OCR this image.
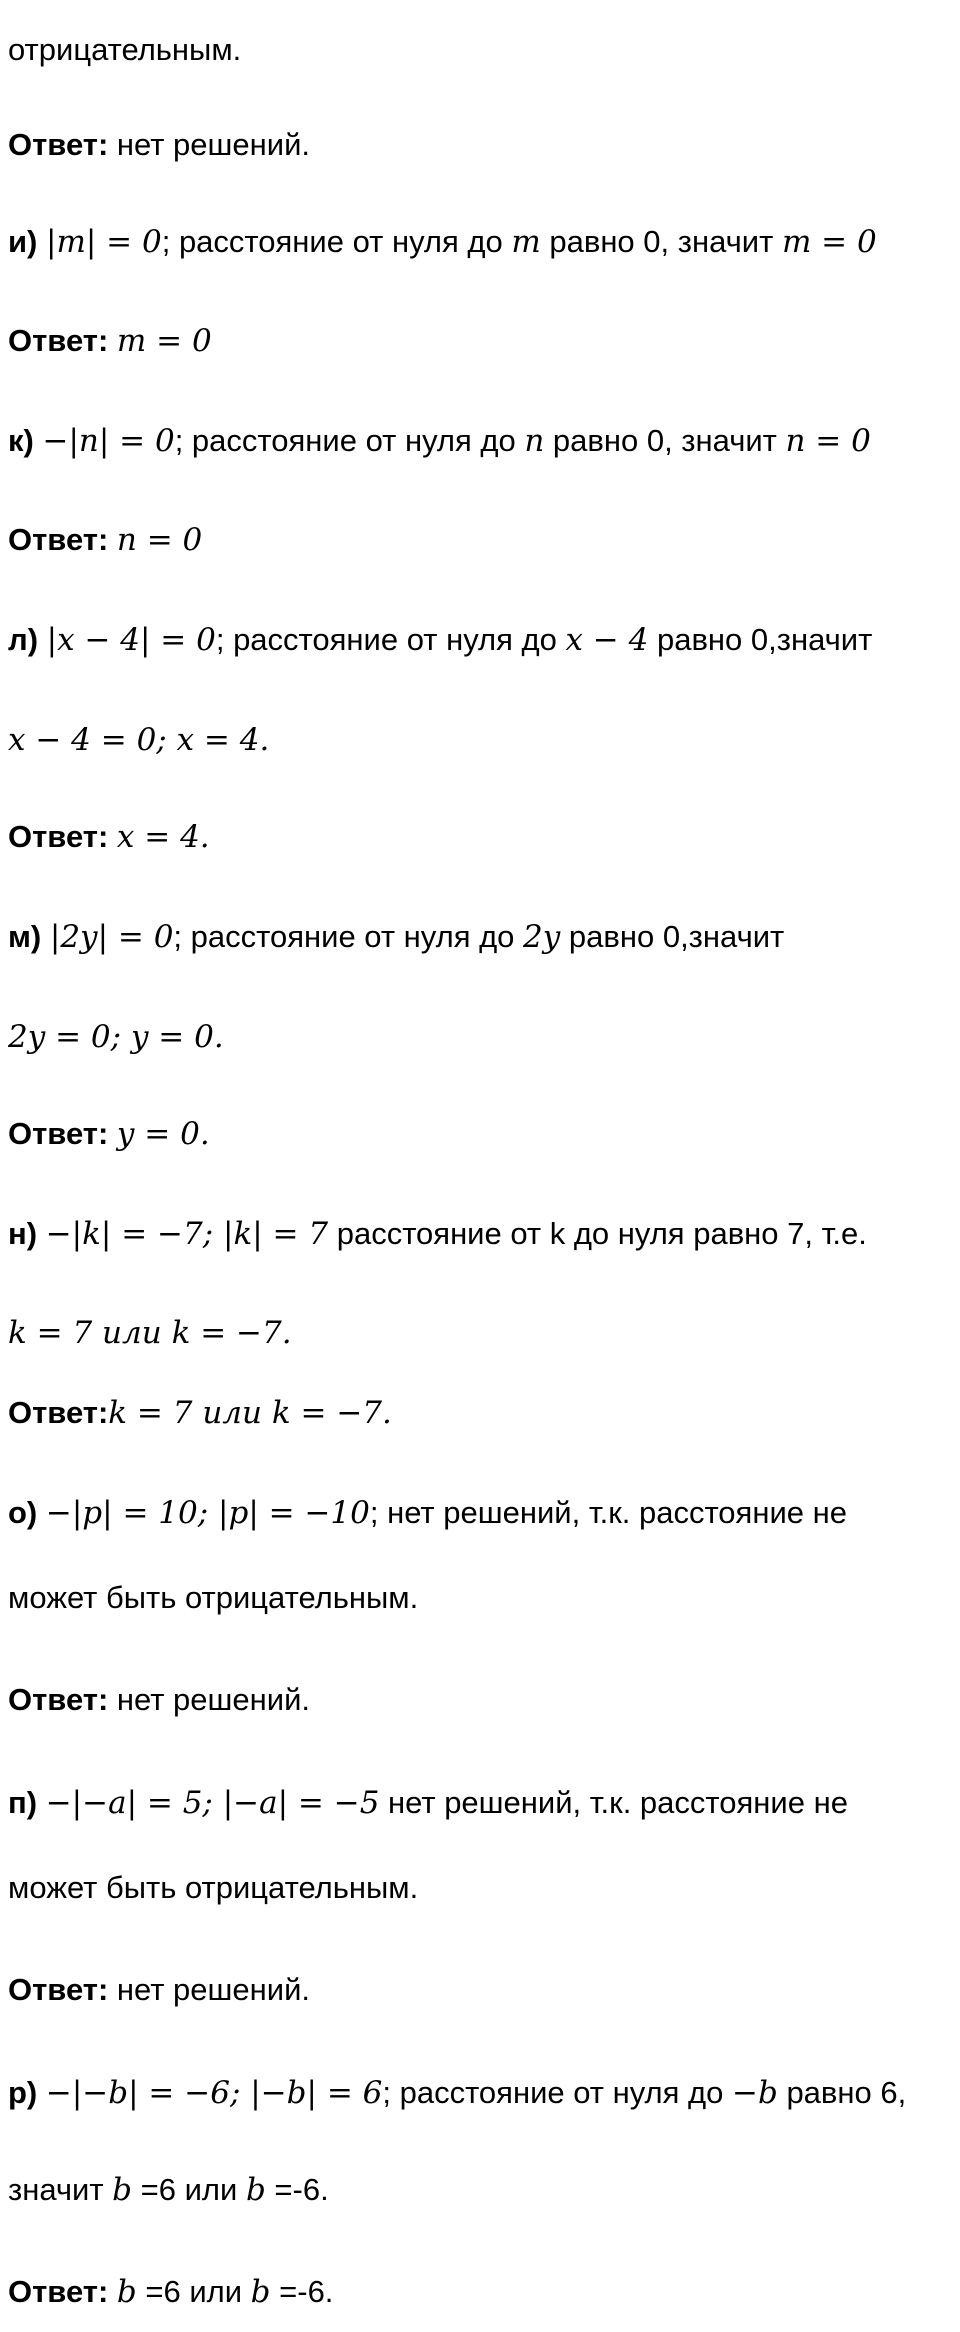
отрицательным.
Ответ: нет решений.
и) |𝑚| = 0; расстояние от нуля до 𝑚 равно 0, значит 𝑚 = 0
Ответ: 𝑚 = 0
к) −|𝑛| = 0; расстояние от нуля до 𝑛 равно 0, значит 𝑛 = 0
Ответ: 𝑛 = 0
л) |𝑥 − 4| = 0; расстояние от нуля до 𝑥 − 4 равно 0,значит
𝑥 − 4 = 0; 𝑥 = 4.
Ответ: 𝑥 = 4.
м) |2𝑦| = 0; расстояние от нуля до 2𝑦 равно 0,значит
2𝑦 = 0; 𝑦 = 0.
Ответ: 𝑦 = 0.
н) −|𝑘| = −7; |𝑘| = 7 расстояние от k до нуля равно 7, т.е.
𝑘 = 7 или 𝑘 = −7.
Ответ:𝑘 = 7 или 𝑘 = −7.
о) −|𝑝| = 10; |𝑝| = −10; нет решений, т.к. расстояние не
может быть отрицательным.
Ответ: нет решений.
п) −|−𝑎| = 5; |−𝑎| = −5 нет решений, т.к. расстояние не
может быть отрицательным.
Ответ: нет решений.
р) −|−𝑏| = −6; |−𝑏| = 6; расстояние от нуля до −𝑏 равно 6,
значит 𝑏 =6 или 𝑏 =-6.
Ответ: 𝑏 =6 или 𝑏 =-6.
